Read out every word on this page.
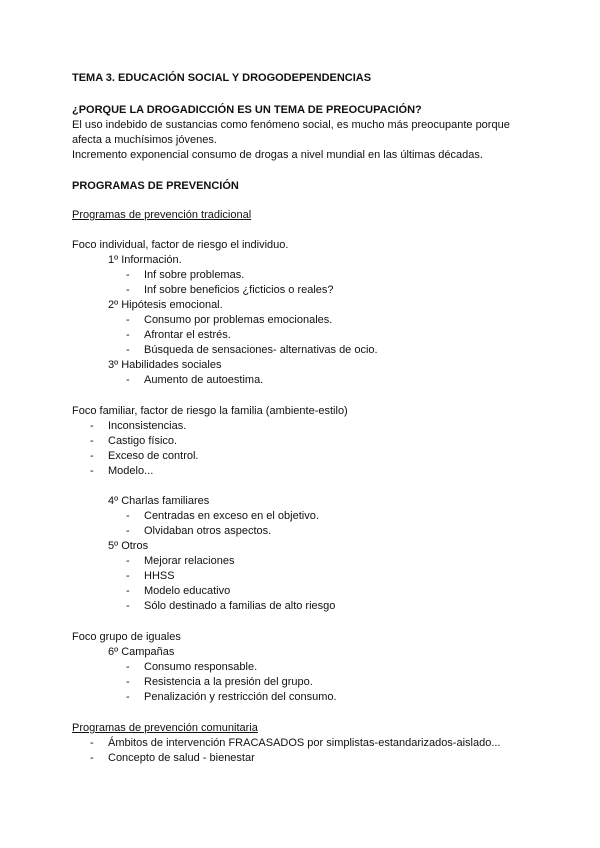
TEMA 3. EDUCACIÓN SOCIAL Y DROGODEPENDENCIAS
¿PORQUE LA DROGADICCIÓN ES UN TEMA DE PREOCUPACIÓN?
El uso indebido de sustancias como fenómeno social, es mucho más preocupante porque
afecta a muchísimos jóvenes.
Incremento exponencial consumo de drogas a nivel mundial en las últimas décadas.
PROGRAMAS DE PREVENCIÓN
Programas de prevención tradicional
Foco individual, factor de riesgo el individuo.
1º Información.
- Inf sobre problemas.
- Inf sobre beneficios ¿ficticios o reales?
2º Hipótesis emocional.
- Consumo por problemas emocionales.
- Afrontar el estrés.
- Búsqueda de sensaciones- alternativas de ocio.
3º Habilidades sociales
- Aumento de autoestima.
Foco familiar, factor de riesgo la familia (ambiente-estilo)
- Inconsistencias.
- Castigo físico.
- Exceso de control.
- Modelo...
4º Charlas familiares
- Centradas en exceso en el objetivo.
- Olvidaban otros aspectos.
5º Otros
- Mejorar relaciones
- HHSS
- Modelo educativo
- Sólo destinado a familias de alto riesgo
Foco grupo de iguales
6º Campañas
- Consumo responsable.
- Resistencia a la presión del grupo.
- Penalización y restricción del consumo.
Programas de prevención comunitaria
- Ámbitos de intervención FRACASADOS por simplistas-estandarizados-aislado...
- Concepto de salud - bienestar
